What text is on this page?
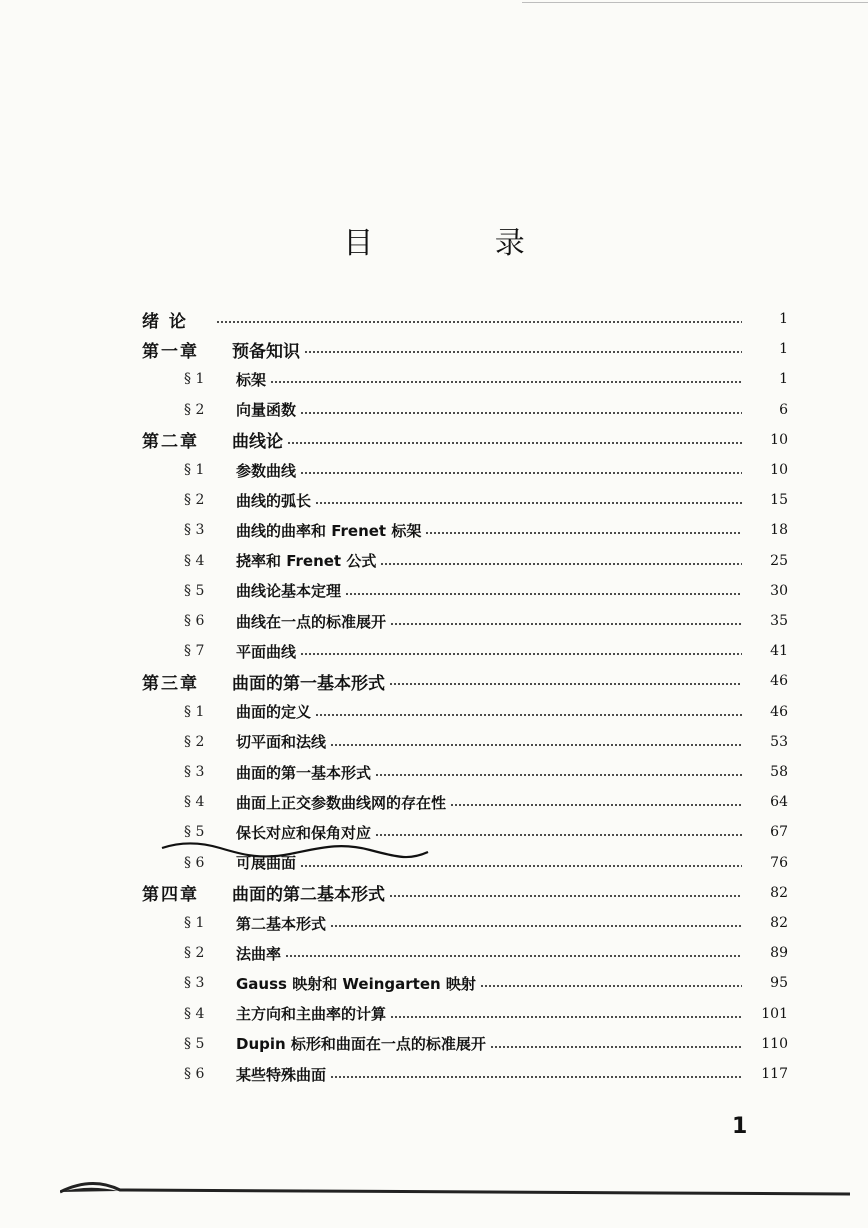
目 录
绪 论	1
第一章	预备知识	1
§ 1	标架	1
§ 2	向量函数	6
第二章	曲线论	10
§ 1	参数曲线	10
§ 2	曲线的弧长	15
§ 3	曲线的曲率和 Frenet 标架	18
§ 4	挠率和 Frenet 公式	25
§ 5	曲线论基本定理	30
§ 6	曲线在一点的标准展开	35
§ 7	平面曲线	41
第三章	曲面的第一基本形式	46
§ 1	曲面的定义	46
§ 2	切平面和法线	53
§ 3	曲面的第一基本形式	58
§ 4	曲面上正交参数曲线网的存在性	64
§ 5	保长对应和保角对应	67
§ 6	可展曲面	76
第四章	曲面的第二基本形式	82
§ 1	第二基本形式	82
§ 2	法曲率	89
§ 3	Gauss 映射和 Weingarten 映射	95
§ 4	主方向和主曲率的计算	101
§ 5	Dupin 标形和曲面在一点的标准展开	110
§ 6	某些特殊曲面	117
1
